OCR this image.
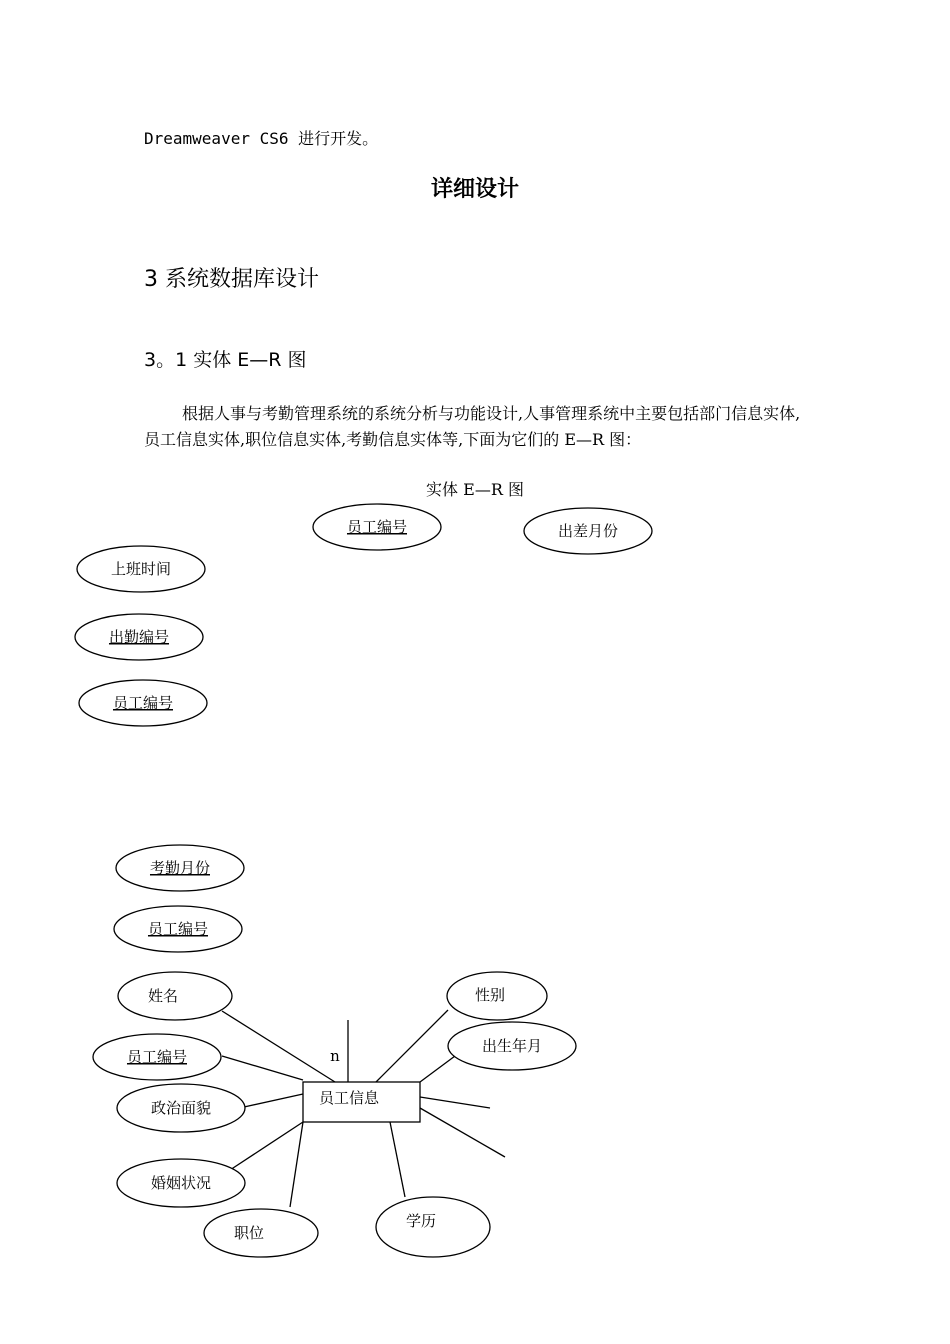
Dreamweaver CS6 进行开发。
详细设计
3 系统数据库设计
3。1 实体 E—R 图
根据人事与考勤管理系统的系统分析与功能设计,人事管理系统中主要包括部门信息实体,员工信息实体,职位信息实体,考勤信息实体等,下面为它们的 E—R 图：
实体 E—R 图
员工编号	出差月份
上班时间
出勤编号
员工编号
考勤月份
员工编号
姓名
员工编号
政治面貌
婚姻状况
职位
学历
性别
出生年月
员工信息
n
